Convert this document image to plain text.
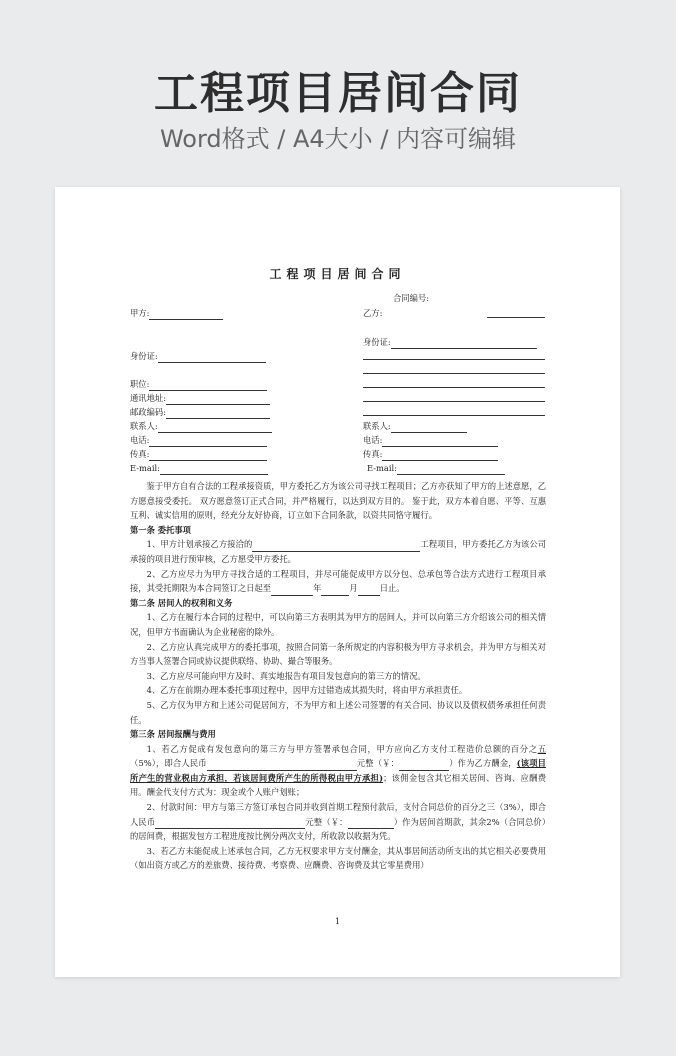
工程项目居间合同
Word格式 / A4大小 / 内容可编辑
工程项目居间合同
合同编号:
甲方:	乙方:
身份证:
身份证:
职位:
通讯地址:
邮政编码:
联系人:	联系人:
电话:	电话:
传真:	传真:
E-mail:	E-mail:

鉴于甲方自有合法的工程承接资质，甲方委托乙方为该公司寻找工程项目；乙方亦获知了甲方的上述意愿，乙方愿意接受委托。 双方愿意签订正式合同，并严格履行，以达到双方目的。 鉴于此，双方本着自愿、平等、互惠互利、诚实信用的原则，经充分友好协商，订立如下合同条款，以资共同恪守履行。

第一条 委托事项

1、甲方计划承接乙方接洽的	工程项目，甲方委托乙方为该公司承接的项目进行预审核，乙方愿受甲方委托。

2、乙方应尽力为甲方寻找合适的工程项目，并尽可能促成甲方以分包、总承包等合法方式进行工程项目承接，其受托期限为本合同签订之日起至	年	月	日止。

第二条 居间人的权利和义务

1、乙方在履行本合同的过程中，可以向第三方表明其为甲方的居间人，并可以向第三方介绍该公司的相关情况，但甲方书面确认为企业秘密的除外。

2、乙方应认真完成甲方的委托事项，按照合同第一条所规定的内容积极为甲方寻求机会，并为甲方与相关对方当事人签署合同或协议提供联络、协助、撮合等服务。

3、乙方应尽可能向甲方及时、真实地报告有项目发包意向的第三方的情况。

4、乙方在前期办理本委托事项过程中，因甲方过错造成其损失时，将由甲方承担责任。

5、乙方仅为甲方和上述公司促居间方，不为甲方和上述公司签署的有关合同、协议以及债权债务承担任何责任。

第三条 居间报酬与费用

1、若乙方促成有发包意向的第三方与甲方签署承包合同，甲方应向乙方支付工程造价总额的百分之五（5%），即合人民币	元整（￥：	）作为乙方酬金，(该项目所产生的营业税由方承担，若该居间费所产生的所得税由甲方承担)；该佣金包含其它相关居间、咨询、应酬费用。酬金代支付方式为：现金或个人账户划账；

2、付款时间：甲方与第三方签订承包合同并收到首期工程预付款后，支付合同总价的百分之三（3%），即合人民币	元整（￥：	）作为居间首期款，其余2%（合同总价）的居间费，根据发包方工程进度按比例分两次支付，所收款以收据为凭。

3、若乙方未能促成上述承包合同，乙方无权要求甲方支付酬金，其从事居间活动所支出的其它相关必要费用（如出资方或乙方的差旅费、接待费、考察费、应酬费、咨询费及其它零星费用）

1
